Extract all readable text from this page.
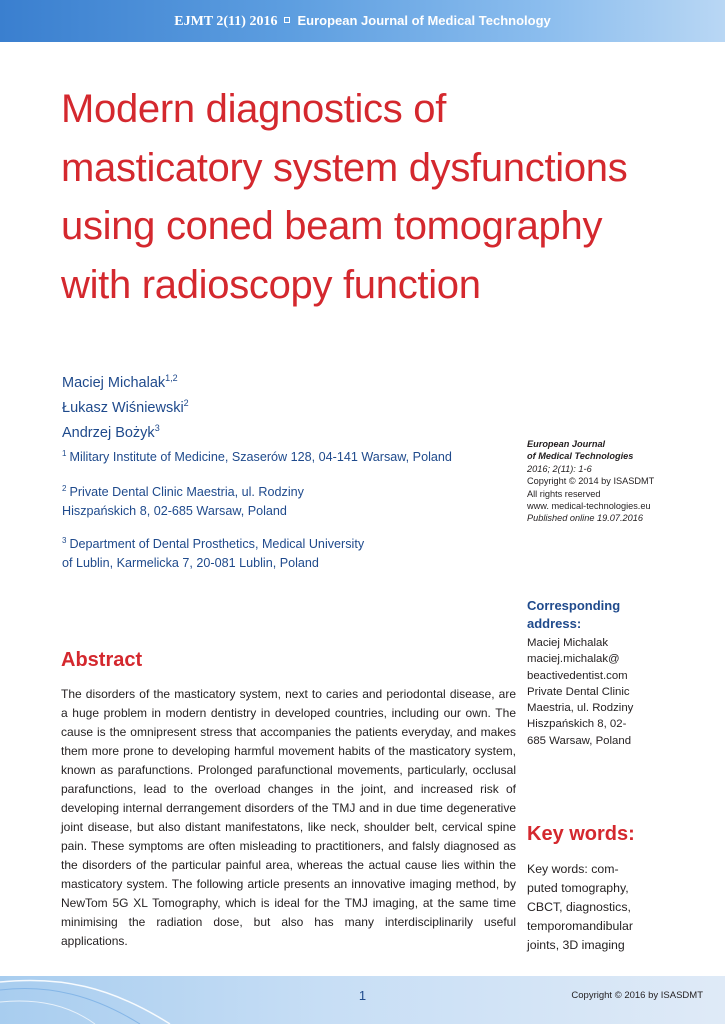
EJMT 2(11) 2016 European Journal of Medical Technology
Modern diagnostics of
masticatory system dysfunctions
using coned beam tomography
with radioscopy function
Maciej Michalak$^{1,2}$
Łukasz Wiśniewski$^2$
Andrzej Bożyk$^3$
$^1$ Military Institute of Medicine, Szaserów 128, 04-141 Warsaw, Poland
$^2$ Private Dental Clinic Maestria, ul. Rodziny
Hiszpańskich 8, 02-685 Warsaw, Poland
$^3$ Department of Dental Prosthetics, Medical University
of Lublin, Karmelicka 7, 20-081 Lublin, Poland
European Journal
of Medical Technologies
2016; 2(11): 1-6
Copyright © 2014 by ISASDMT
All rights reserved
www. medical-technologies.eu
Published online 19.07.2016
Corresponding
address:
Maciej Michalak
maciej.michalak@
beactivedentist.com
Private Dental Clinic
Maestria, ul. Rodziny
Hiszpańskich 8, 02-
685 Warsaw, Poland
Abstract
The disorders of the masticatory system, next to caries and periodontal disease, are a huge problem in modern dentistry in developed countries, including our own. The cause is the omnipresent stress that accompanies the patients everyday, and makes them more prone to developing harmful movement habits of the masticatory system, known as parafunctions. Prolonged parafunctional movements, particularly, occlusal parafunctions, lead to the overload changes in the joint, and increased risk of developing internal derrangement disorders of the TMJ and in due time degenerative joint disease, but also distant manifestatons, like neck, shoulder belt, cervical spine pain. These symptoms are often misleading to practitioners, and falsly diagnosed as the disorders of the particular painful area, whereas the actual cause lies within the masticatory system. The following article presents an innovative imaging method, by NewTom 5G XL Tomography, which is ideal for the TMJ imaging, at the same time minimising the radiation dose, but also has many interdisciplinarily useful applications.
Key words:
Key words: com-
puted tomography,
CBCT, diagnostics,
temporomandibular
joints, 3D imaging
1	Copyright © 2016 by ISASDMT
